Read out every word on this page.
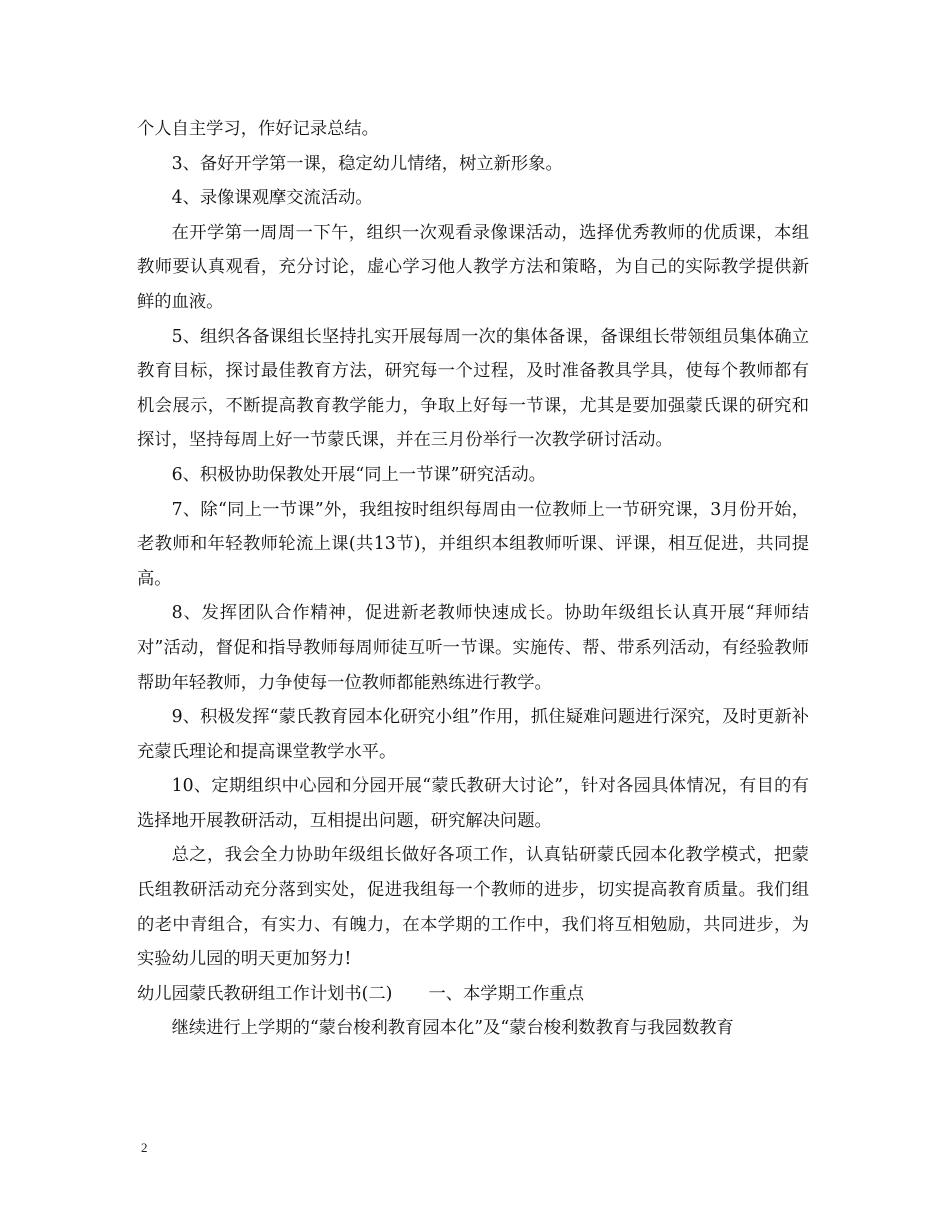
个人自主学习，作好记录总结。

3、备好开学第一课，稳定幼儿情绪，树立新形象。

4、录像课观摩交流活动。

在开学第一周周一下午，组织一次观看录像课活动，选择优秀教师的优质课，本组教师要认真观看，充分讨论，虚心学习他人教学方法和策略，为自己的实际教学提供新鲜的血液。

5、组织各备课组长坚持扎实开展每周一次的集体备课，备课组长带领组员集体确立教育目标，探讨最佳教育方法，研究每一个过程，及时准备教具学具，使每个教师都有机会展示，不断提高教育教学能力，争取上好每一节课，尤其是要加强蒙氏课的研究和探讨，坚持每周上好一节蒙氏课，并在三月份举行一次教学研讨活动。

6、积极协助保教处开展“同上一节课”研究活动。

7、除“同上一节课”外，我组按时组织每周由一位教师上一节研究课，3月份开始，老教师和年轻教师轮流上课(共13节)，并组织本组教师听课、评课，相互促进，共同提高。

8、发挥团队合作精神，促进新老教师快速成长。协助年级组长认真开展“拜师结对”活动，督促和指导教师每周师徒互听一节课。实施传、帮、带系列活动，有经验教师帮助年轻教师，力争使每一位教师都能熟练进行教学。

9、积极发挥“蒙氏教育园本化研究小组”作用，抓住疑难问题进行深究，及时更新补充蒙氏理论和提高课堂教学水平。

10、定期组织中心园和分园开展“蒙氏教研大讨论”，针对各园具体情况，有目的有选择地开展教研活动，互相提出问题，研究解决问题。

总之，我会全力协助年级组长做好各项工作，认真钻研蒙氏园本化教学模式，把蒙氏组教研活动充分落到实处，促进我组每一个教师的进步，切实提高教育质量。我们组的老中青组合，有实力、有魄力，在本学期的工作中，我们将互相勉励，共同进步，为实验幼儿园的明天更加努力!

幼儿园蒙氏教研组工作计划书(二) 一、本学期工作重点

继续进行上学期的“蒙台梭利教育园本化”及“蒙台梭利数教育与我园数教育

2
